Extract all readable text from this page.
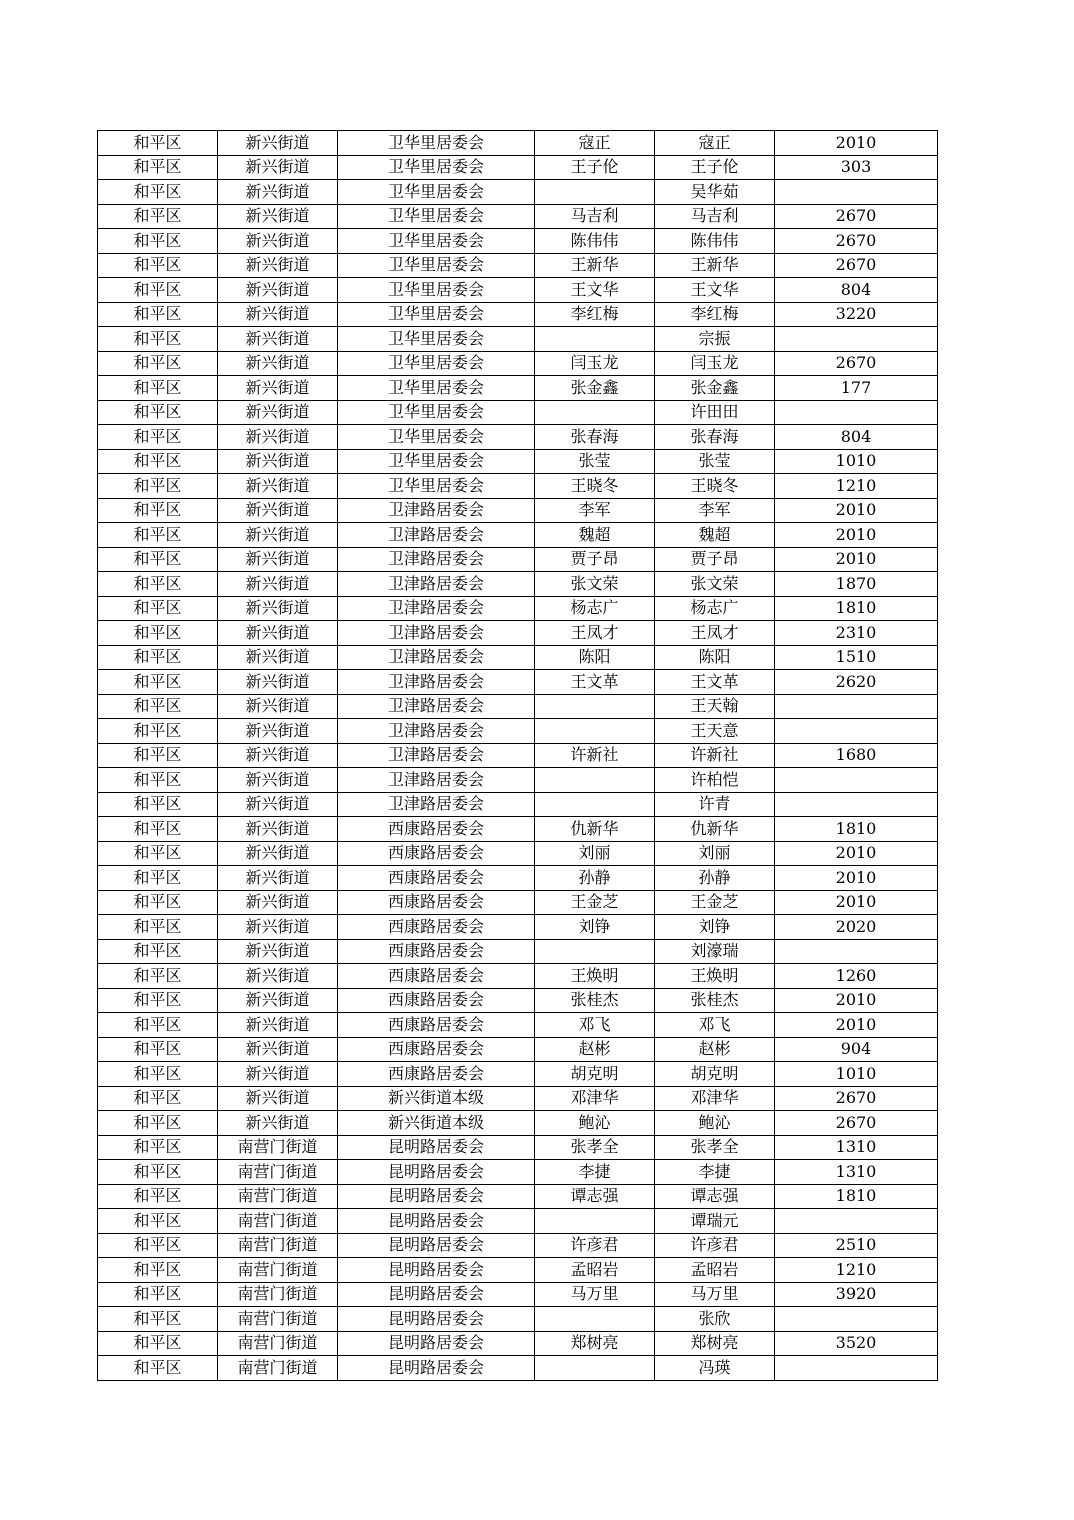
和平区	新兴街道	卫华里居委会	寇正	寇正	2010
和平区	新兴街道	卫华里居委会	王子伦	王子伦	303
和平区	新兴街道	卫华里居委会		吴华茹	
和平区	新兴街道	卫华里居委会	马吉利	马吉利	2670
和平区	新兴街道	卫华里居委会	陈伟伟	陈伟伟	2670
和平区	新兴街道	卫华里居委会	王新华	王新华	2670
和平区	新兴街道	卫华里居委会	王文华	王文华	804
和平区	新兴街道	卫华里居委会	李红梅	李红梅	3220
和平区	新兴街道	卫华里居委会		宗振	
和平区	新兴街道	卫华里居委会	闫玉龙	闫玉龙	2670
和平区	新兴街道	卫华里居委会	张金鑫	张金鑫	177
和平区	新兴街道	卫华里居委会		许田田	
和平区	新兴街道	卫华里居委会	张春海	张春海	804
和平区	新兴街道	卫华里居委会	张莹	张莹	1010
和平区	新兴街道	卫华里居委会	王晓冬	王晓冬	1210
和平区	新兴街道	卫津路居委会	李军	李军	2010
和平区	新兴街道	卫津路居委会	魏超	魏超	2010
和平区	新兴街道	卫津路居委会	贾子昂	贾子昂	2010
和平区	新兴街道	卫津路居委会	张文荣	张文荣	1870
和平区	新兴街道	卫津路居委会	杨志广	杨志广	1810
和平区	新兴街道	卫津路居委会	王凤才	王凤才	2310
和平区	新兴街道	卫津路居委会	陈阳	陈阳	1510
和平区	新兴街道	卫津路居委会	王文革	王文革	2620
和平区	新兴街道	卫津路居委会		王天翰	
和平区	新兴街道	卫津路居委会		王天意	
和平区	新兴街道	卫津路居委会	许新社	许新社	1680
和平区	新兴街道	卫津路居委会		许柏恺	
和平区	新兴街道	卫津路居委会		许青	
和平区	新兴街道	西康路居委会	仇新华	仇新华	1810
和平区	新兴街道	西康路居委会	刘丽	刘丽	2010
和平区	新兴街道	西康路居委会	孙静	孙静	2010
和平区	新兴街道	西康路居委会	王金芝	王金芝	2010
和平区	新兴街道	西康路居委会	刘铮	刘铮	2020
和平区	新兴街道	西康路居委会		刘濠瑞	
和平区	新兴街道	西康路居委会	王焕明	王焕明	1260
和平区	新兴街道	西康路居委会	张桂杰	张桂杰	2010
和平区	新兴街道	西康路居委会	邓飞	邓飞	2010
和平区	新兴街道	西康路居委会	赵彬	赵彬	904
和平区	新兴街道	西康路居委会	胡克明	胡克明	1010
和平区	新兴街道	新兴街道本级	邓津华	邓津华	2670
和平区	新兴街道	新兴街道本级	鲍沁	鲍沁	2670
和平区	南营门街道	昆明路居委会	张孝全	张孝全	1310
和平区	南营门街道	昆明路居委会	李捷	李捷	1310
和平区	南营门街道	昆明路居委会	谭志强	谭志强	1810
和平区	南营门街道	昆明路居委会		谭瑞元	
和平区	南营门街道	昆明路居委会	许彦君	许彦君	2510
和平区	南营门街道	昆明路居委会	孟昭岩	孟昭岩	1210
和平区	南营门街道	昆明路居委会	马万里	马万里	3920
和平区	南营门街道	昆明路居委会		张欣	
和平区	南营门街道	昆明路居委会	郑树亮	郑树亮	3520
和平区	南营门街道	昆明路居委会		冯瑛	
